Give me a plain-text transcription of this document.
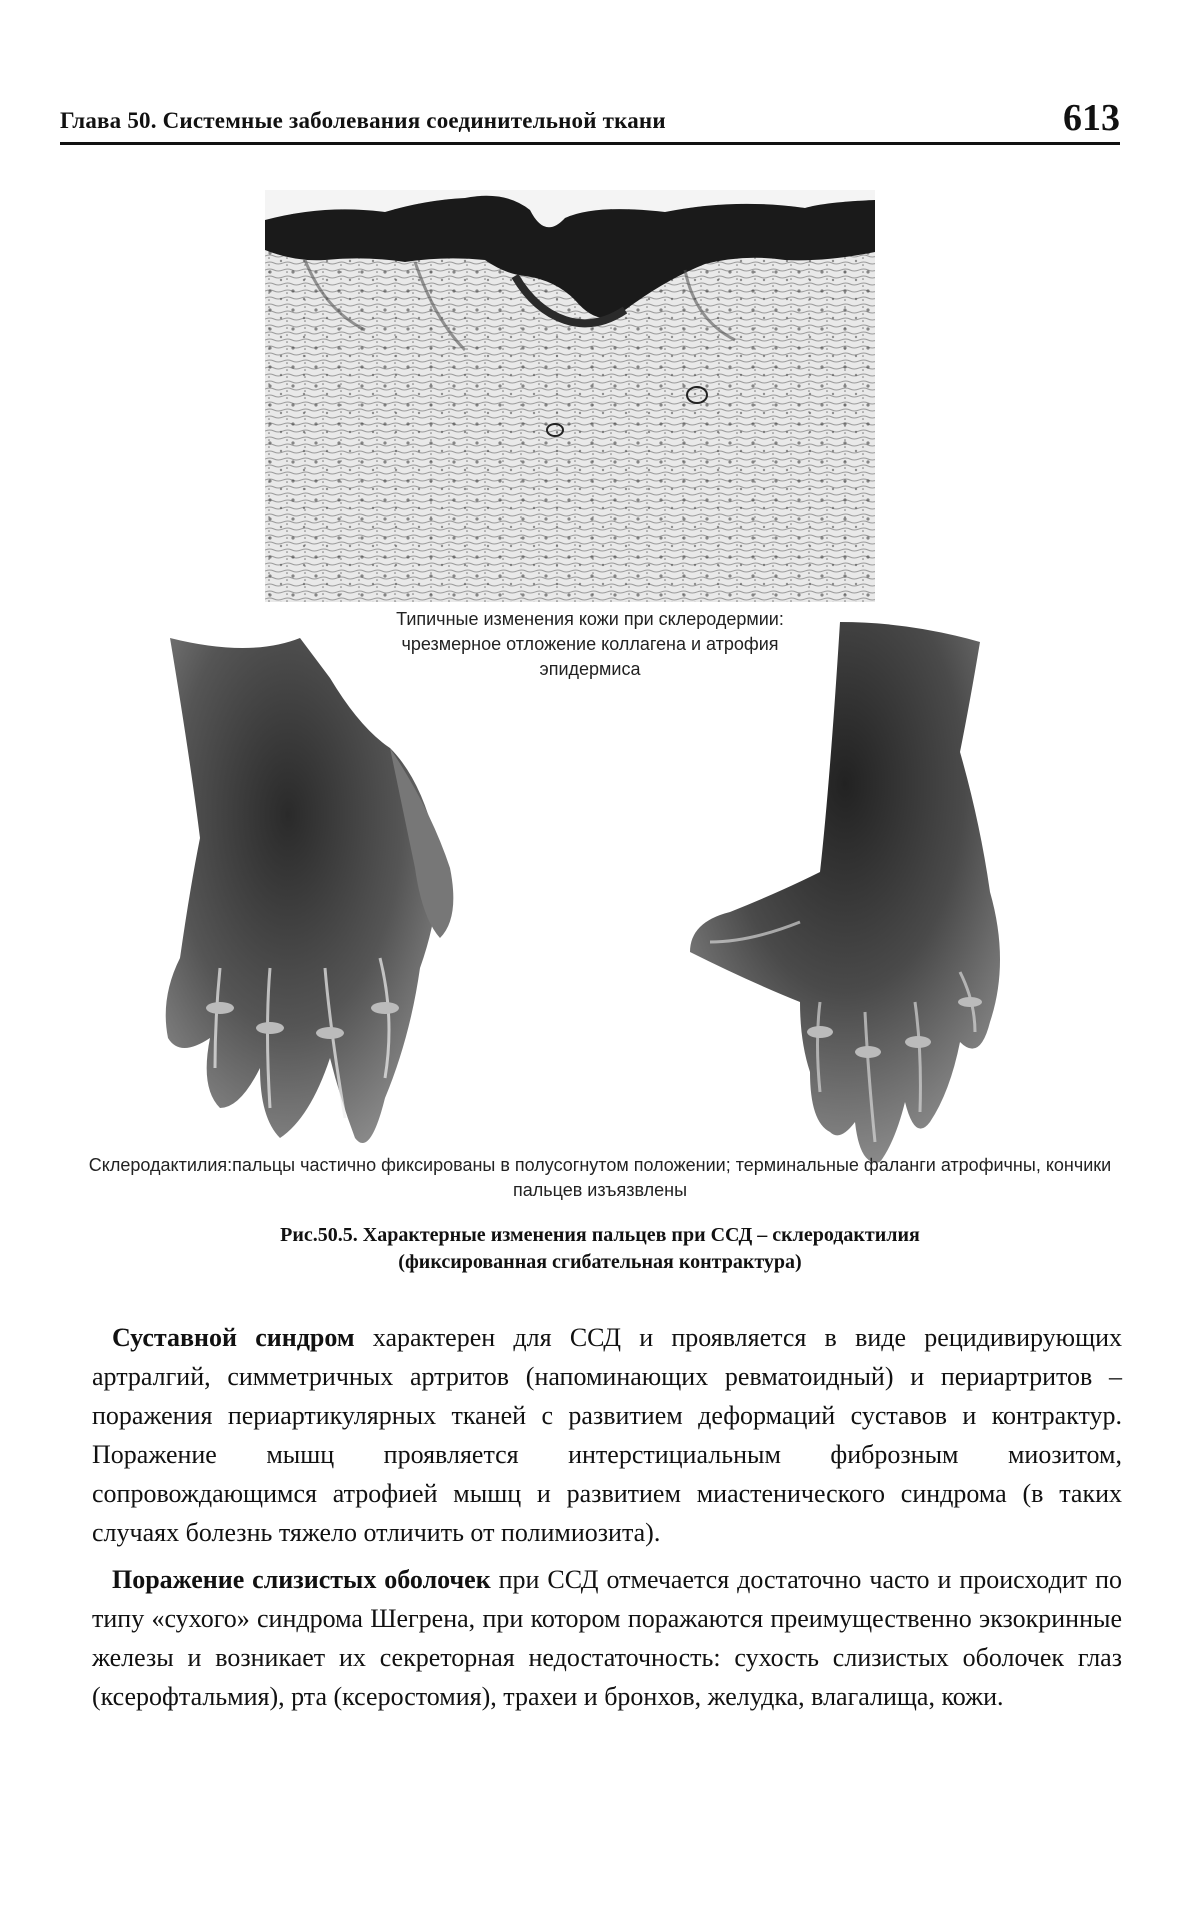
Глава 50. Системные заболевания соединительной ткани	613
Типичные изменения кожи при склеродермии: чрезмерное отложение коллагена и атрофия эпидермиса
Склеродактилия:пальцы частично фиксированы в полусогнутом положении; терминальные фаланги атрофичны, кончики пальцев изъязвлены
Рис.50.5. Характерные изменения пальцев при ССД – склеродактилия
(фиксированная сгибательная контрактура)

Суставной синдром характерен для ССД и проявляется в виде рецидивирующих артралгий, симметричных артритов (напоминающих ревматоидный) и периартритов – поражения периартикулярных тканей с развитием деформаций суставов и контрактур. Поражение мышц проявляется интерстициальным фиброзным миозитом, сопровождающимся атрофией мышц и развитием миастенического синдрома (в таких случаях болезнь тяжело отличить от полимиозита).

Поражение слизистых оболочек при ССД отмечается достаточно часто и происходит по типу «сухого» синдрома Шегрена, при котором поражаются преимущественно экзокринные железы и возникает их секреторная недостаточность: сухость слизистых оболочек глаз (ксерофтальмия), рта (ксеростомия), трахеи и бронхов, желудка, влагалища, кожи.
